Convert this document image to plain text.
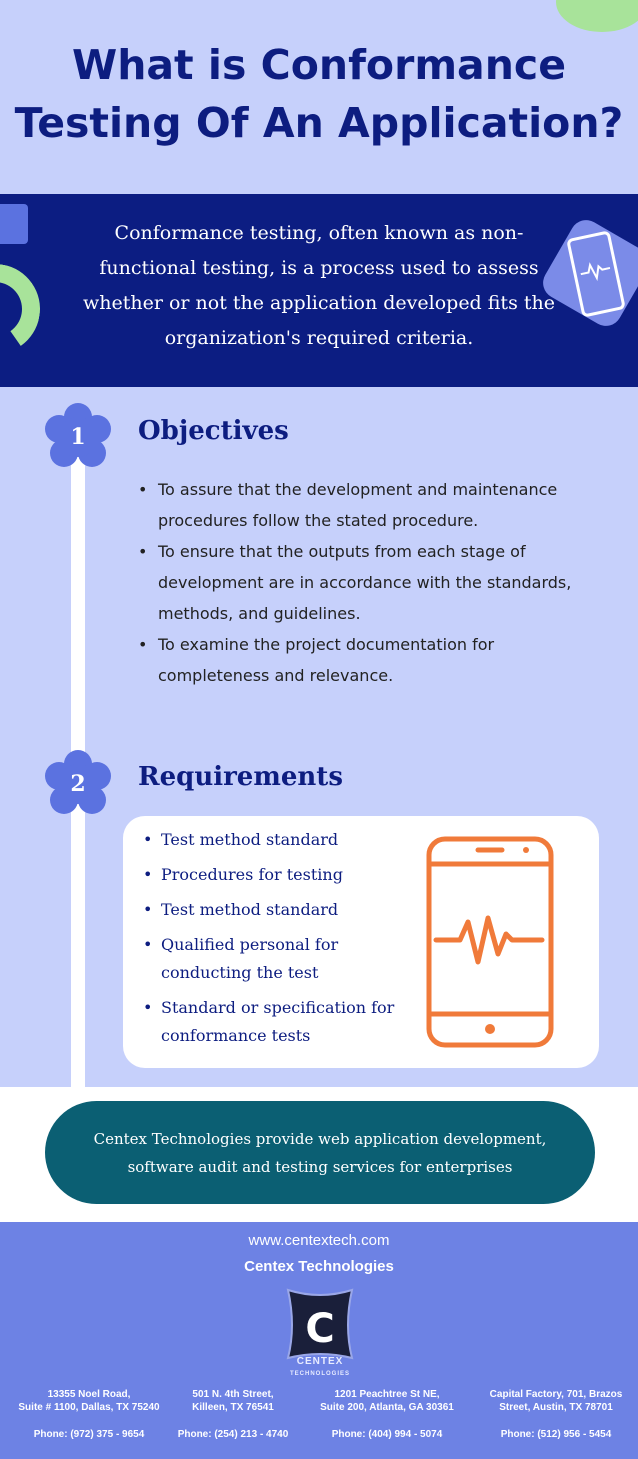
What is Conformance
Testing Of An Application?

Conformance testing, often known as non-functional testing, is a process used to assess whether or not the application developed fits the organization's required criteria.

1	Objectives
• To assure that the development and maintenance procedures follow the stated procedure.
• To ensure that the outputs from each stage of development are in accordance with the standards, methods, and guidelines.
• To examine the project documentation for completeness and relevance.
2	Requirements
• Test method standard
• Procedures for testing
• Test method standard
• Qualified personal for conducting the test
• Standard or specification for conformance tests

Centex Technologies provide web application development, software audit and testing services for enterprises

www.centextech.com
Centex Technologies
C
CENTEX
TECHNOLOGIES
13355 Noel Road,
Suite # 1100, Dallas, TX 75240
Phone: (972) 375 - 9654
501 N. 4th Street,
Killeen, TX 76541
Phone: (254) 213 - 4740
1201 Peachtree St NE,
Suite 200, Atlanta, GA 30361
Phone: (404) 994 - 5074
Capital Factory, 701, Brazos
Street, Austin, TX 78701
Phone: (512) 956 - 5454
